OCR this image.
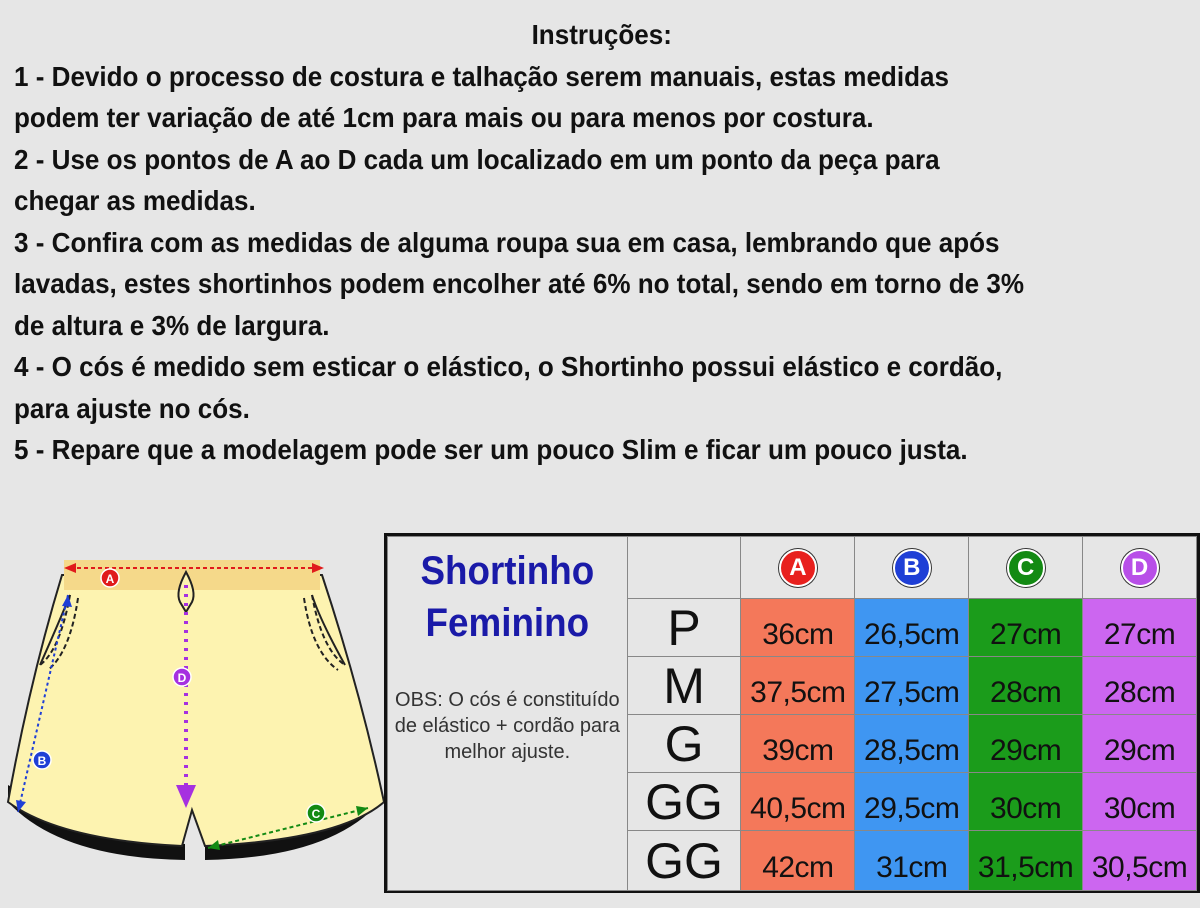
Instruções:
1 - Devido o processo de costura e talhação serem manuais, estas medidas
podem ter variação de até 1cm para mais ou para menos por costura.
2 - Use os pontos de A ao D cada um localizado em um ponto da peça para
chegar as medidas.
3 - Confira com as medidas de alguma roupa sua em casa, lembrando que após
lavadas, estes shortinhos podem encolher até 6% no total, sendo em torno de 3%
de altura e 3% de largura.
4 - O cós é medido sem esticar o elástico, o Shortinho possui elástico e cordão,
para ajuste no cós.
5 - Repare que a modelagem pode ser um pouco Slim e ficar um pouco justa.
A
B
C
D
Shortinho
Feminino
OBS: O cós é constituído de elástico + cordão para melhor ajuste.		A	B	C	D
	P	36cm	26,5cm	27cm	27cm
	M	37,5cm	27,5cm	28cm	28cm
	G	39cm	28,5cm	29cm	29cm
	GG	40,5cm	29,5cm	30cm	30cm
	GG	42cm	31cm	31,5cm	30,5cm
